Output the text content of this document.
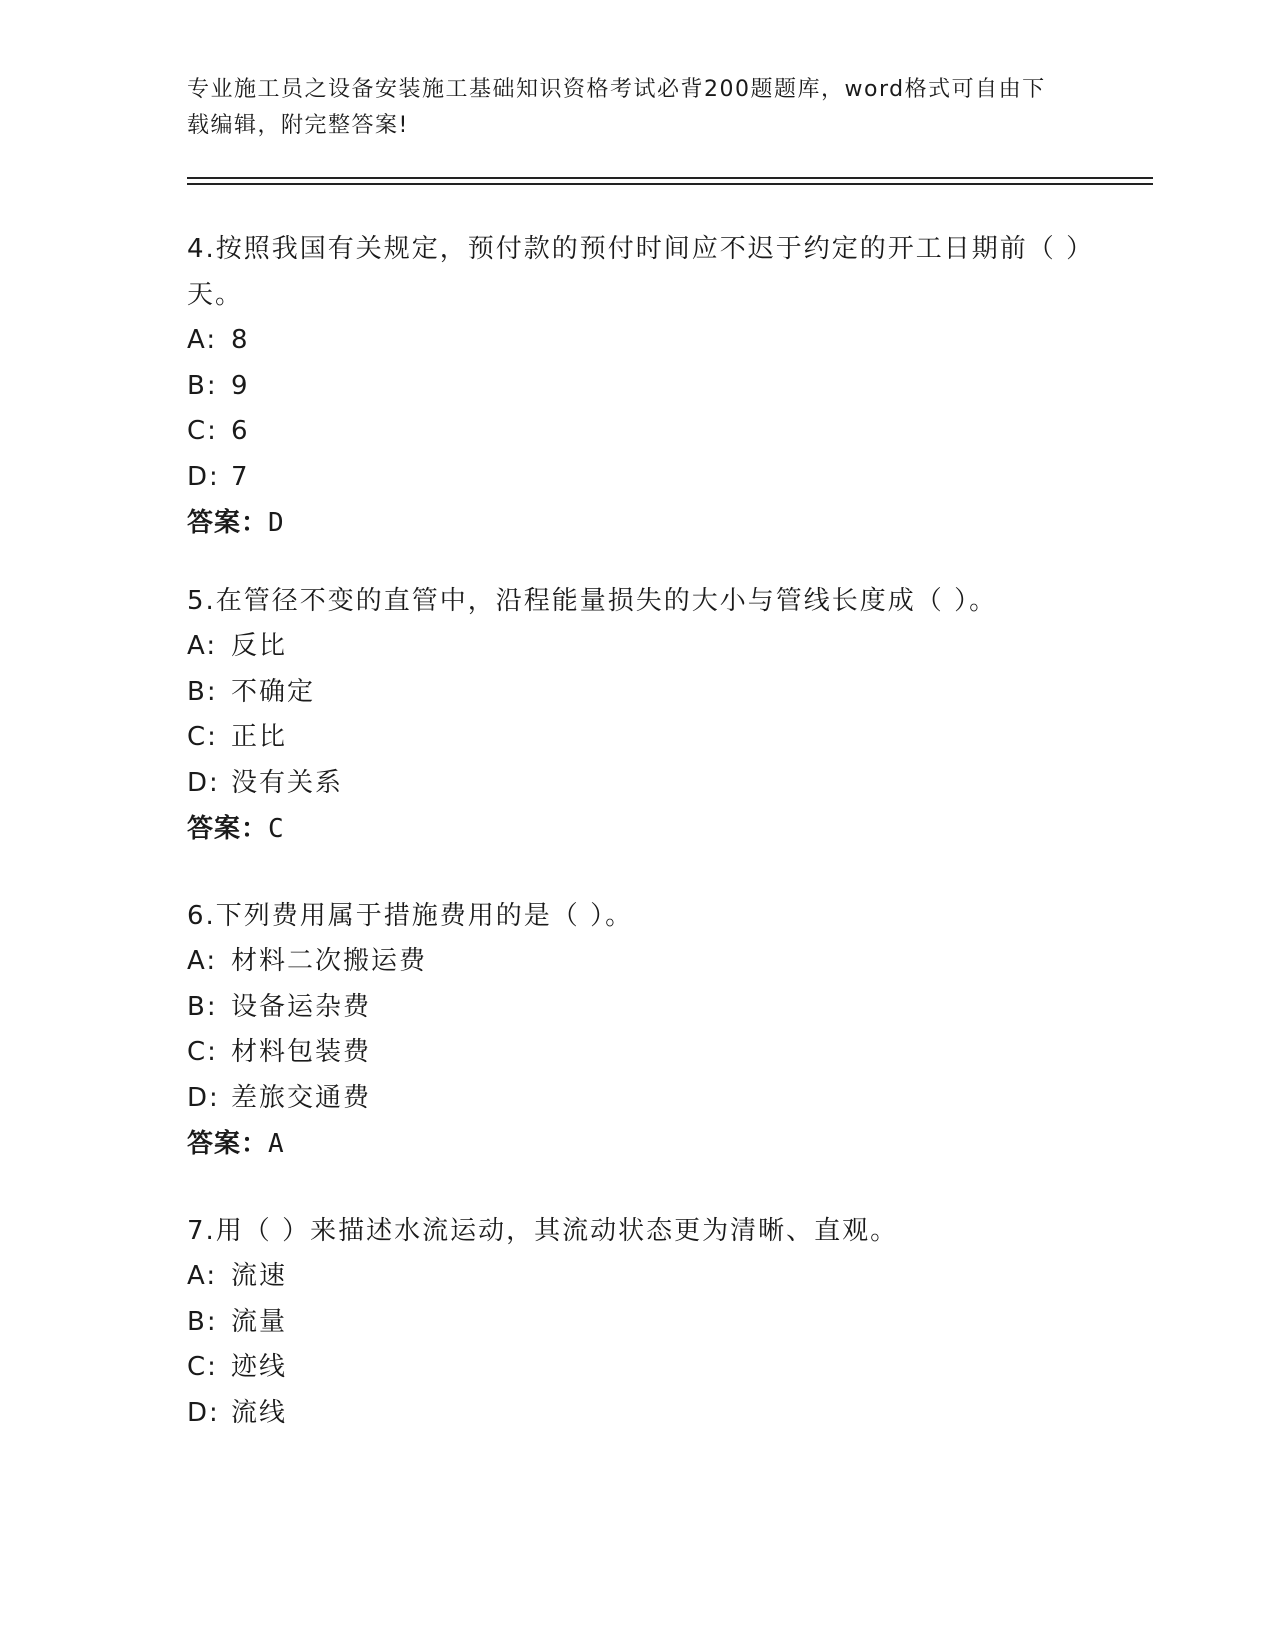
专业施工员之设备安装施工基础知识资格考试必背200题题库，word格式可自由下载编辑，附完整答案!

4.按照我国有关规定，预付款的预付时间应不迟于约定的开工日期前（ ）天。

A: 8

B: 9

C: 6

D: 7

答案：D

5.在管径不变的直管中，沿程能量损失的大小与管线长度成（ ）。

A: 反比

B: 不确定

C: 正比

D: 没有关系

答案：C

6.下列费用属于措施费用的是（ ）。

A: 材料二次搬运费

B: 设备运杂费

C: 材料包装费

D: 差旅交通费

答案：A

7.用（ ）来描述水流运动，其流动状态更为清晰、直观。

A: 流速

B: 流量

C: 迹线

D: 流线
